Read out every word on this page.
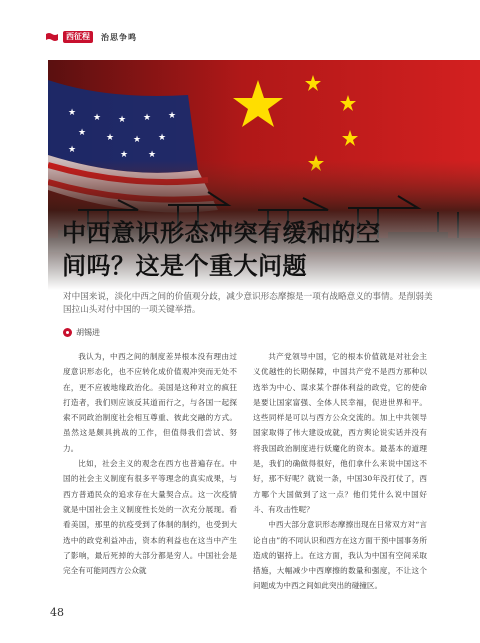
西征程	治思争鸣
★ ★ ★ ★ ★
★ ★ ★ ★
★	★ ★
中西意识形态冲突有缓和的空
间吗？这是个重大问题
对中国来说，淡化中西之间的价值观分歧，减少意识形态摩擦是一项有战略意义的事情。是削弱美国拉山头对付中国的一项关键举措。
胡锡进

我认为，中西之间的制度差异根本没有理由过度意识形态化，也不应转化成价值观冲突而无处不在，更不应被地缘政治化。美国是这种对立的疯狂打造者，我们则应该反其道而行之，与各国一起探索不同政治制度社会相互尊重、彼此交融的方式。虽然这是颇具挑战的工作，但值得我们尝试、努力。

比如，社会主义的观念在西方也普遍存在。中国的社会主义制度有很多平等理念的真实成果，与西方普通民众的追求存在大量契合点。这一次疫情就是中国社会主义制度性长处的一次充分展现。看看美国，那里的抗疫受到了体制的制约，也受到大选中的政党利益冲击，资本的利益也在这当中产生了影响，最后死掉的大部分都是穷人。中国社会是完全有可能同西方公众就

共产党领导中国，它的根本价值就是对社会主义优越性的长期保障，中国共产党不是西方那种以选举为中心、谋求某个群体利益的政党，它的使命是要让国家富强、全体人民幸福，促进世界和平。这些同样是可以与西方公众交流的。加上中共领导国家取得了伟大建设成就，西方舆论说实话并没有将我国政治制度进行妖魔化的资本。最基本的道理是，我们的确做得很好，他们拿什么来说中国这不好，那不好呢？就说一条，中国30年没打仗了，西方哪个大国做到了这一点？他们凭什么说中国好斗、有攻击性呢？

中西大部分意识形态摩擦出现在日常双方对“言论自由”的不同认识和西方在这方面干预中国事务所造成的锯持上。在这方面，我认为中国有空间采取措施，大幅减少中西摩擦的数量和强度，不让这个问题成为中西之间如此突出的碰撞区。

48
